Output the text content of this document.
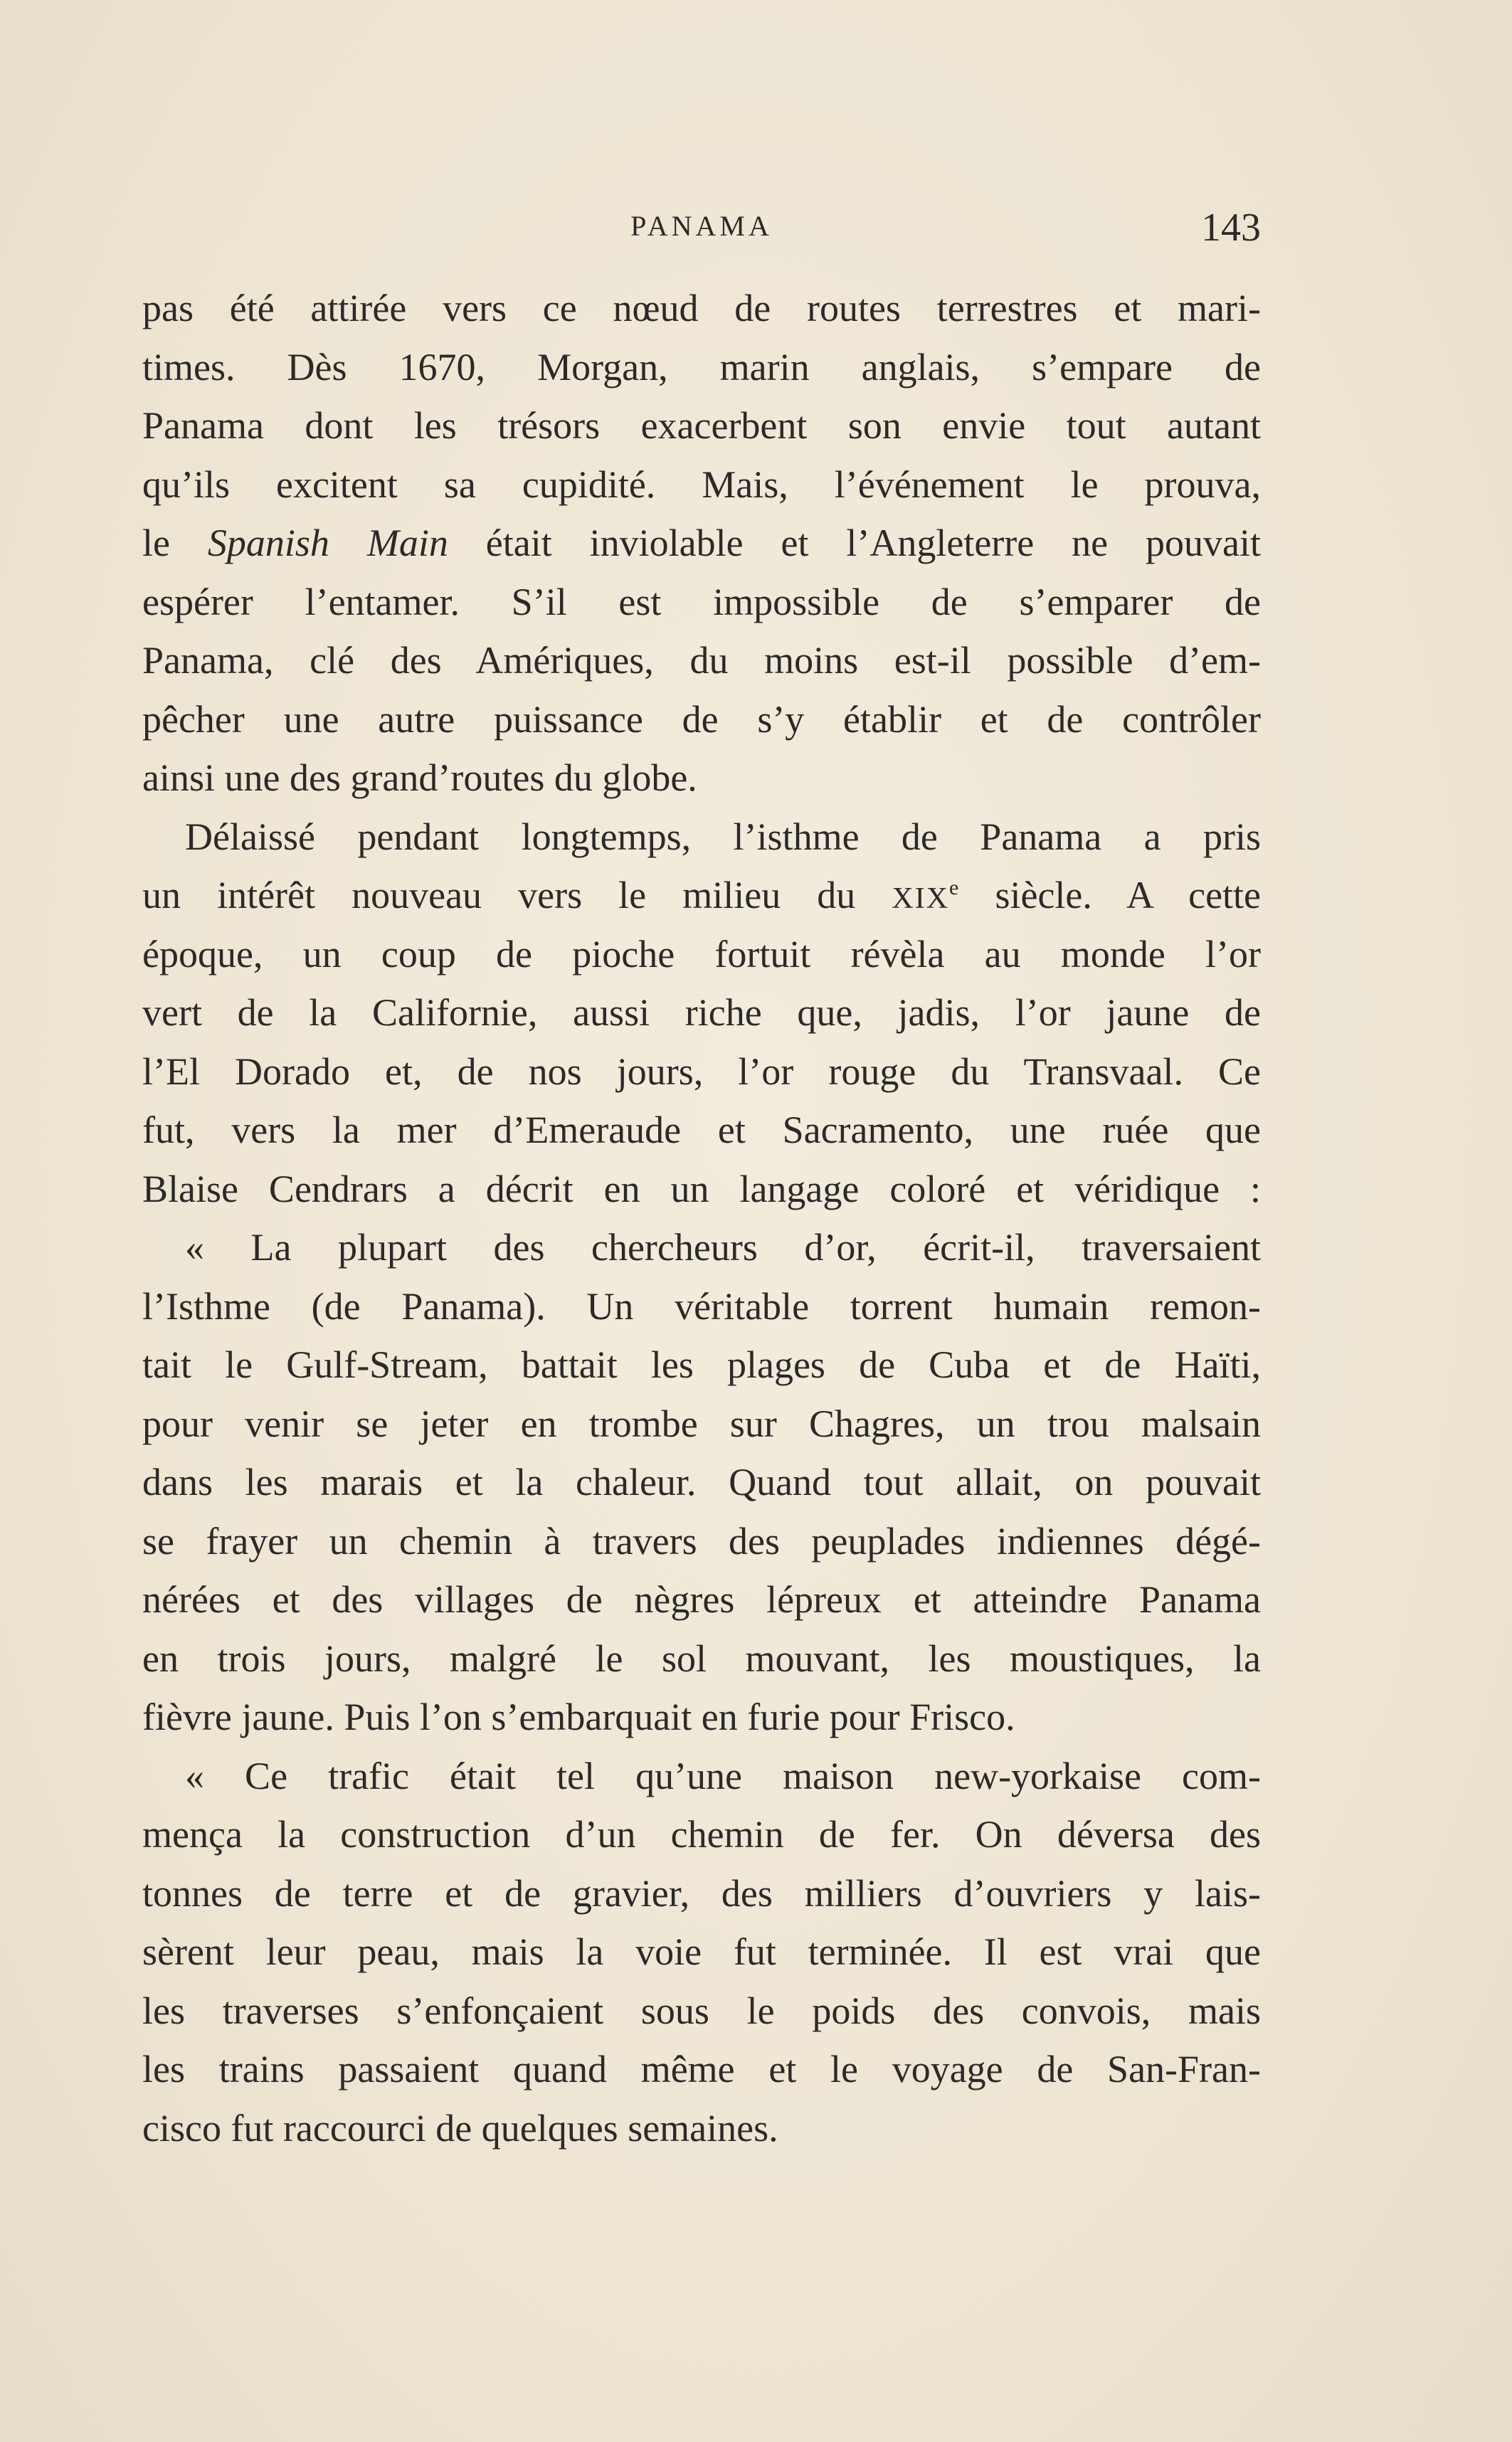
PANAMA	143
pas été attirée vers ce nœud de routes terrestres et mari-
times. Dès 1670, Morgan, marin anglais, s’empare de
Panama dont les trésors exacerbent son envie tout autant
qu’ils excitent sa cupidité. Mais, l’événement le prouva,
le Spanish Main était inviolable et l’Angleterre ne pouvait
espérer l’entamer. S’il est impossible de s’emparer de
Panama, clé des Amériques, du moins est-il possible d’em-
pêcher une autre puissance de s’y établir et de contrôler
ainsi une des grand’routes du globe.
Délaissé pendant longtemps, l’isthme de Panama a pris
un intérêt nouveau vers le milieu du XIXe siècle. A cette
époque, un coup de pioche fortuit révèla au monde l’or
vert de la Californie, aussi riche que, jadis, l’or jaune de
l’El Dorado et, de nos jours, l’or rouge du Transvaal. Ce
fut, vers la mer d’Emeraude et Sacramento, une ruée que
Blaise Cendrars a décrit en un langage coloré et véridique :
« La plupart des chercheurs d’or, écrit-il, traversaient
l’Isthme (de Panama). Un véritable torrent humain remon-
tait le Gulf-Stream, battait les plages de Cuba et de Haïti,
pour venir se jeter en trombe sur Chagres, un trou malsain
dans les marais et la chaleur. Quand tout allait, on pouvait
se frayer un chemin à travers des peuplades indiennes dégé-
nérées et des villages de nègres lépreux et atteindre Panama
en trois jours, malgré le sol mouvant, les moustiques, la
fièvre jaune. Puis l’on s’embarquait en furie pour Frisco.
« Ce trafic était tel qu’une maison new-yorkaise com-
mença la construction d’un chemin de fer. On déversa des
tonnes de terre et de gravier, des milliers d’ouvriers y lais-
sèrent leur peau, mais la voie fut terminée. Il est vrai que
les traverses s’enfonçaient sous le poids des convois, mais
les trains passaient quand même et le voyage de San-Fran-
cisco fut raccourci de quelques semaines.
